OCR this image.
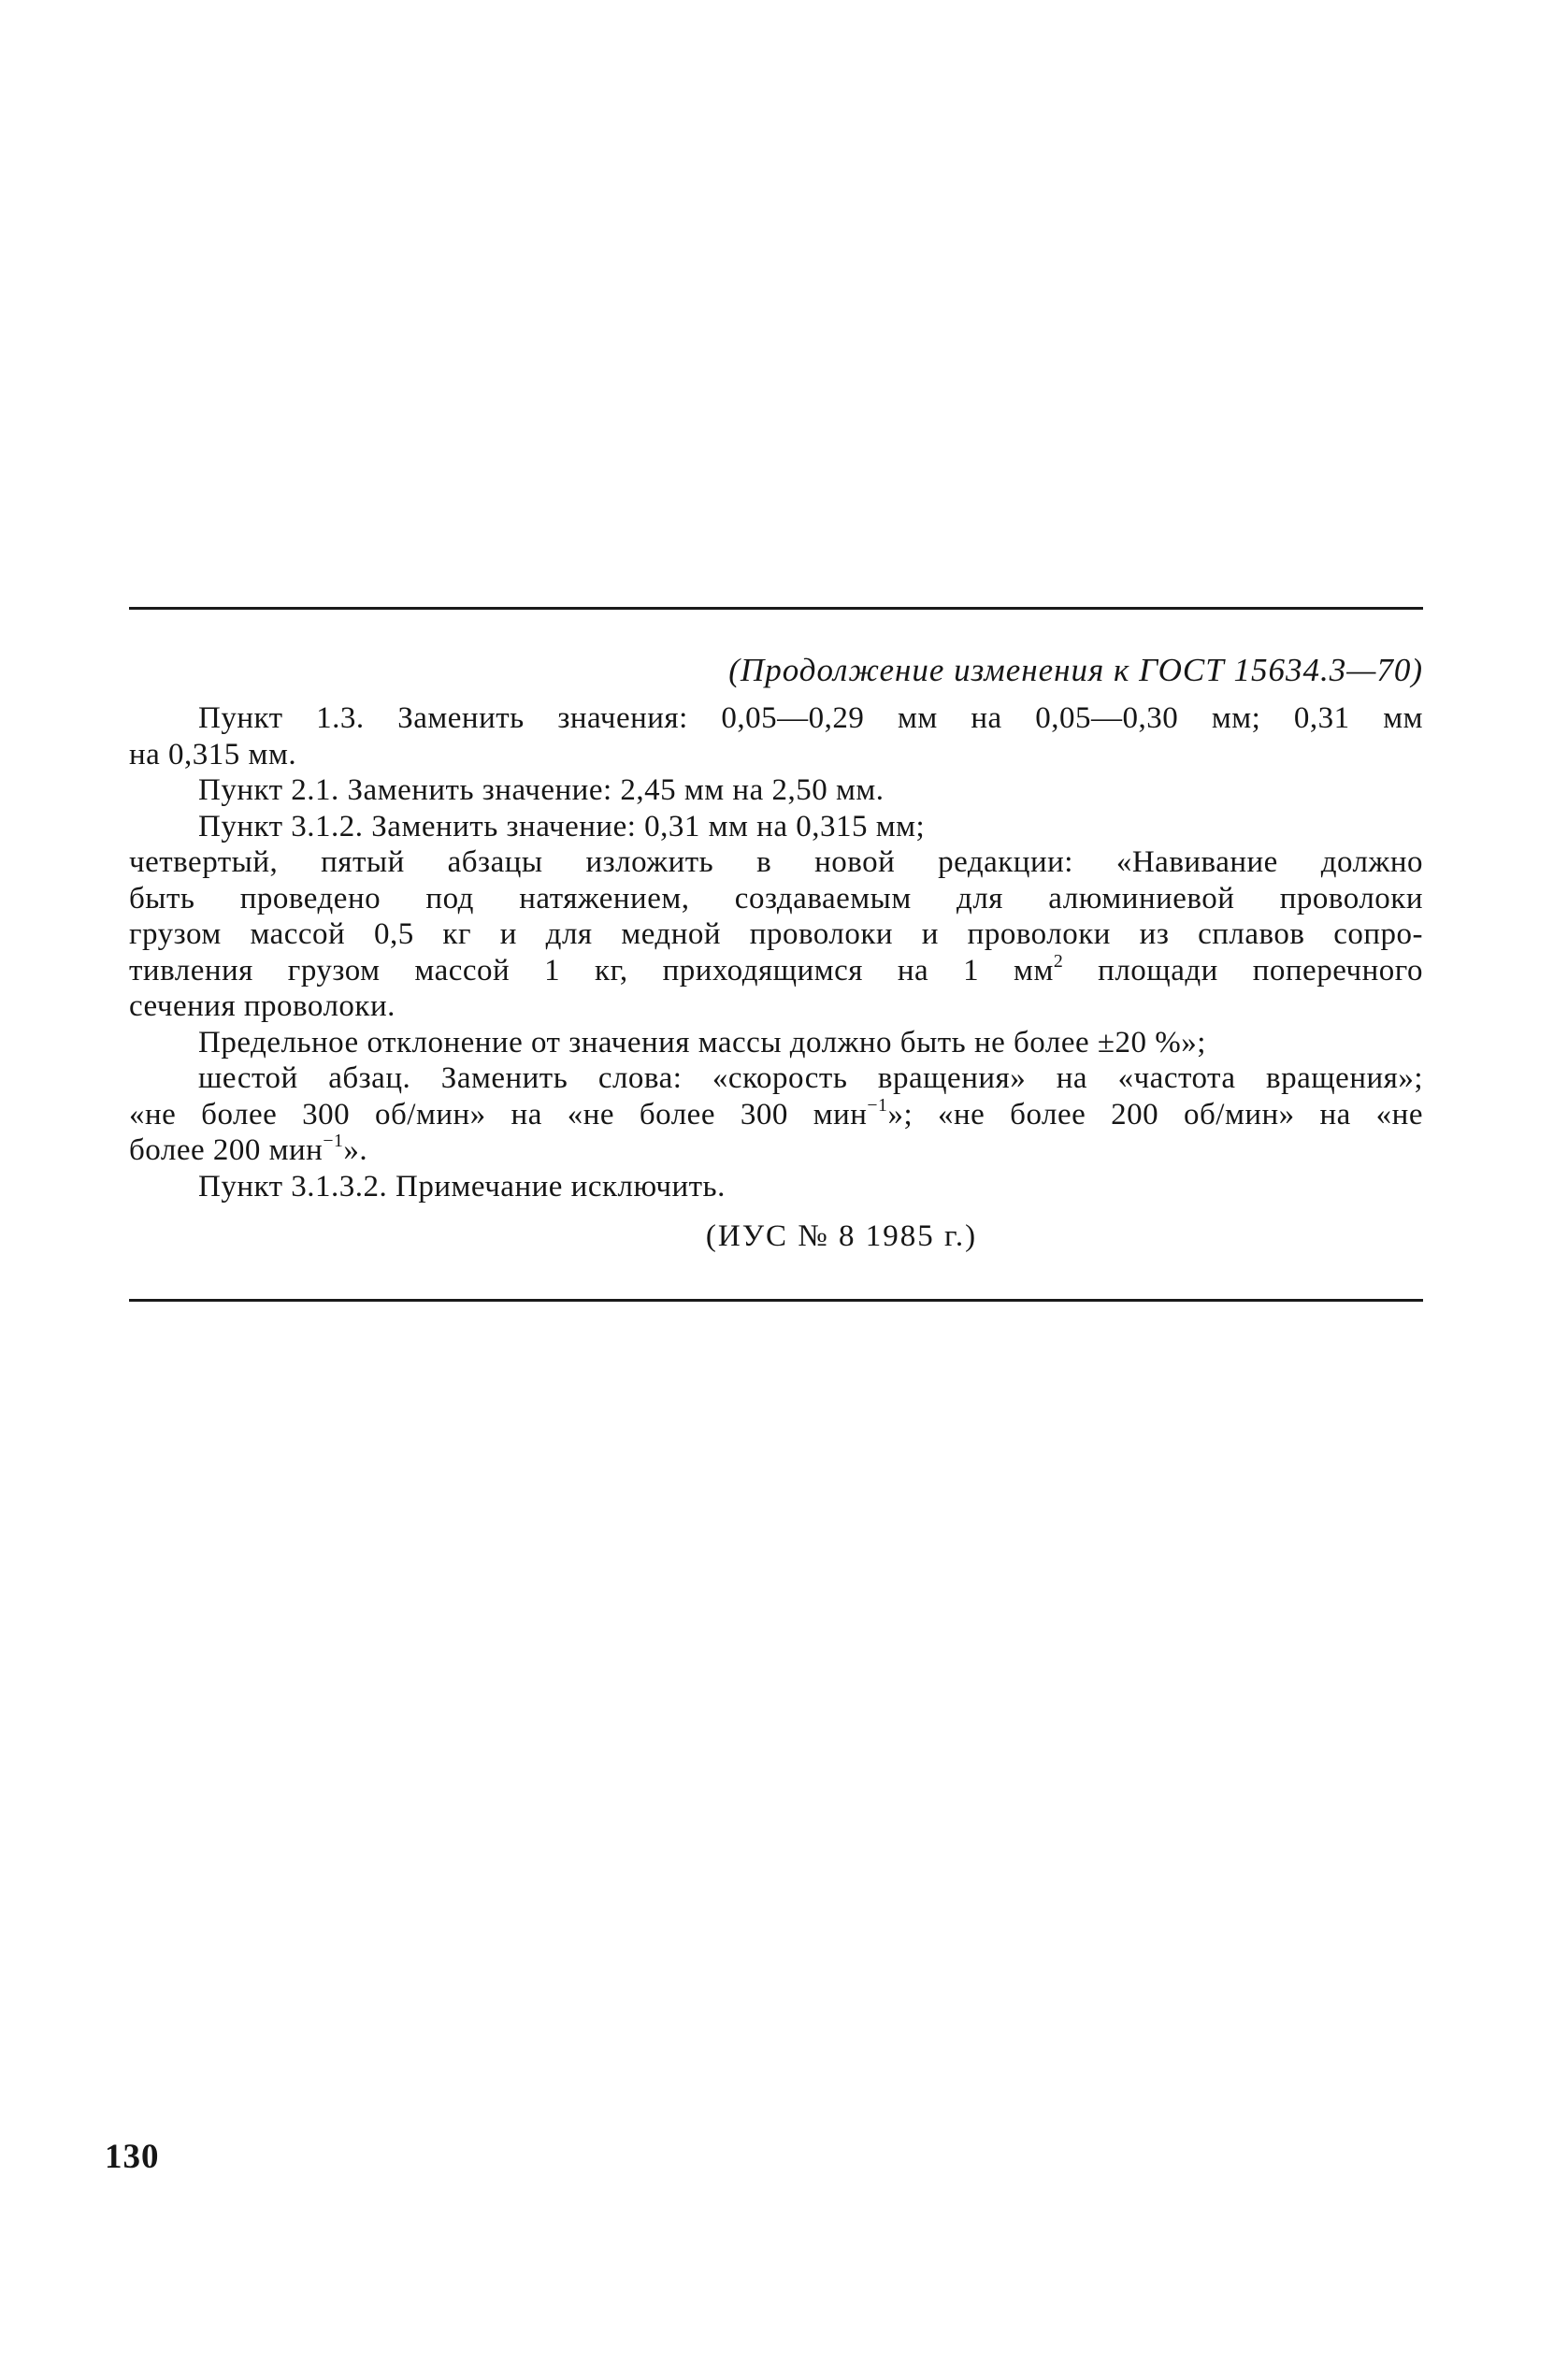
(Продолжение изменения к ГОСТ 15634.3—70)
Пункт 1.3. Заменить значения: 0,05—0,29 мм на 0,05—0,30 мм; 0,31 мм
на 0,315 мм.
Пункт 2.1. Заменить значение: 2,45 мм на 2,50 мм.
Пункт 3.1.2. Заменить значение: 0,31 мм на 0,315 мм;
четвертый, пятый абзацы изложить в новой редакции: «Навивание должно
быть проведено под натяжением, создаваемым для алюминиевой проволоки
грузом массой 0,5 кг и для медной проволоки и проволоки из сплавов сопро-
тивления грузом массой 1 кг, приходящимся на 1 $мм^2$ площади поперечного
сечения проволоки.
Предельное отклонение от значения массы должно быть не более ±20 %»;
шестой абзац. Заменить слова: «скорость вращения» на «частота вращения»;
«не более 300 об/мин» на «не более 300 мин$^{-1}$»; «не более 200 об/мин» на «не
более 200 мин$^{-1}$».
Пункт 3.1.3.2. Примечание исключить.
(ИУС № 8 1985 г.)
130
